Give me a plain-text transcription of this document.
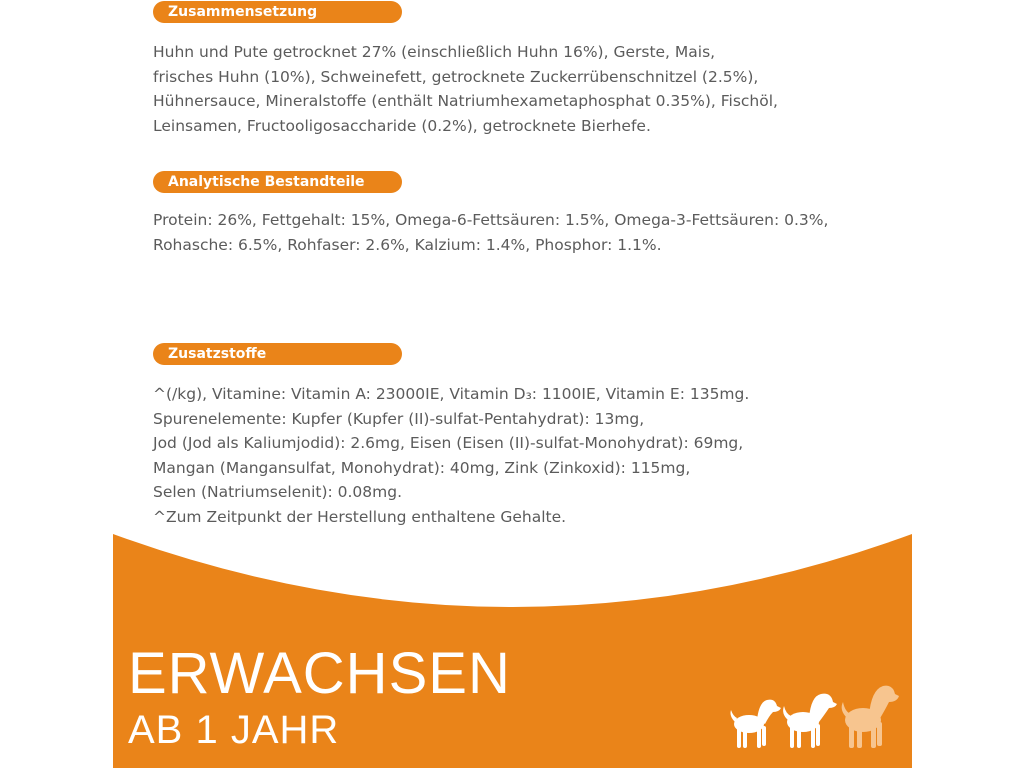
Zusammensetzung
Huhn und Pute getrocknet 27% (einschließlich Huhn 16%), Gerste, Mais,
frisches Huhn (10%), Schweinefett, getrocknete Zuckerrübenschnitzel (2.5%),
Hühnersauce, Mineralstoffe (enthält Natriumhexametaphosphat 0.35%), Fischöl,
Leinsamen, Fructooligosaccharide (0.2%), getrocknete Bierhefe.
Analytische Bestandteile
Protein: 26%, Fettgehalt: 15%, Omega-6-Fettsäuren: 1.5%, Omega-3-Fettsäuren: 0.3%,
Rohasche: 6.5%, Rohfaser: 2.6%, Kalzium: 1.4%, Phosphor: 1.1%.
Zusatzstoffe
^(/kg), Vitamine: Vitamin A: 23000IE, Vitamin D₃: 1100IE, Vitamin E: 135mg.
Spurenelemente: Kupfer (Kupfer (II)-sulfat-Pentahydrat): 13mg,
Jod (Jod als Kaliumjodid): 2.6mg, Eisen (Eisen (II)-sulfat-Monohydrat): 69mg,
Mangan (Mangansulfat, Monohydrat): 40mg, Zink (Zinkoxid): 115mg,
Selen (Natriumselenit): 0.08mg.
^Zum Zeitpunkt der Herstellung enthaltene Gehalte.
ERWACHSEN
AB 1 JAHR
